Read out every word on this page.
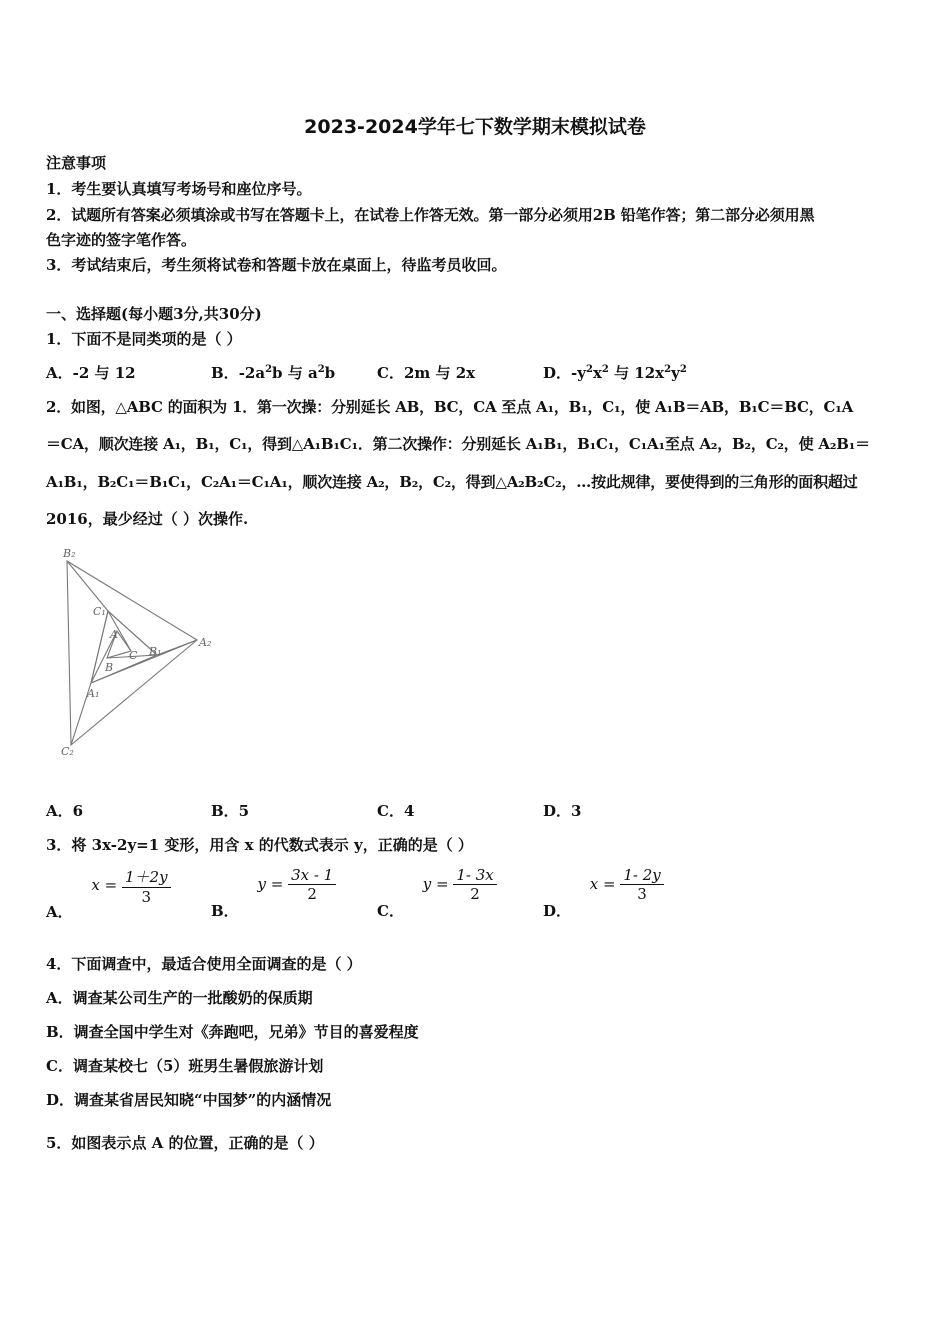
2023-2024学年七下数学期末模拟试卷
注意事项
1．考生要认真填写考场号和座位序号。
2．试题所有答案必须填涂或书写在答题卡上，在试卷上作答无效。第一部分必须用2B 铅笔作答；第二部分必须用黑
色字迹的签字笔作答。
3．考试结束后，考生须将试卷和答题卡放在桌面上，待监考员收回。
一、选择题(每小题3分,共30分)
1．下面不是同类项的是（ ）
A．-2 与 12	B．$-2a^2b$ 与 $a^2b$	C．2m 与 2x	D．$-y^2x^2$ 与 $12x^2y^2$
2．如图，△ABC 的面积为 1．第一次操：分别延长 AB，BC，CA 至点 A₁，B₁，C₁，使 A₁B＝AB，B₁C＝BC，C₁A
＝CA，顺次连接 A₁，B₁，C₁，得到△A₁B₁C₁．第二次操作：分别延长 A₁B₁，B₁C₁，C₁A₁至点 A₂，B₂，C₂，使 A₂B₁＝
A₁B₁，B₂C₁＝B₁C₁，C₂A₁＝C₁A₁，顺次连接 A₂，B₂，C₂，得到△A₂B₂C₂，…按此规律，要使得到的三角形的面积超过
2016，最少经过（ ）次操作.
B₂
C₁
A
C B₁
A₂
B
A₁
C₂
A．6	B．5	C．4	D．3
3．将 3x-2y=1 变形，用含 x 的代数式表示 y，正确的是（ ）
A． $x = \frac{1+2y}{3}$
B． $y = \frac{3x - 1}{2}$
C． $y = \frac{1- 3x}{2}$
D． $x = \frac{1- 2y}{3}$
4．下面调查中，最适合使用全面调查的是（ ）
A．调查某公司生产的一批酸奶的保质期
B．调查全国中学生对《奔跑吧，兄弟》节目的喜爱程度
C．调查某校七（5）班男生暑假旅游计划
D．调查某省居民知晓“中国梦”的内涵情况
5．如图表示点 A 的位置，正确的是（ ）
